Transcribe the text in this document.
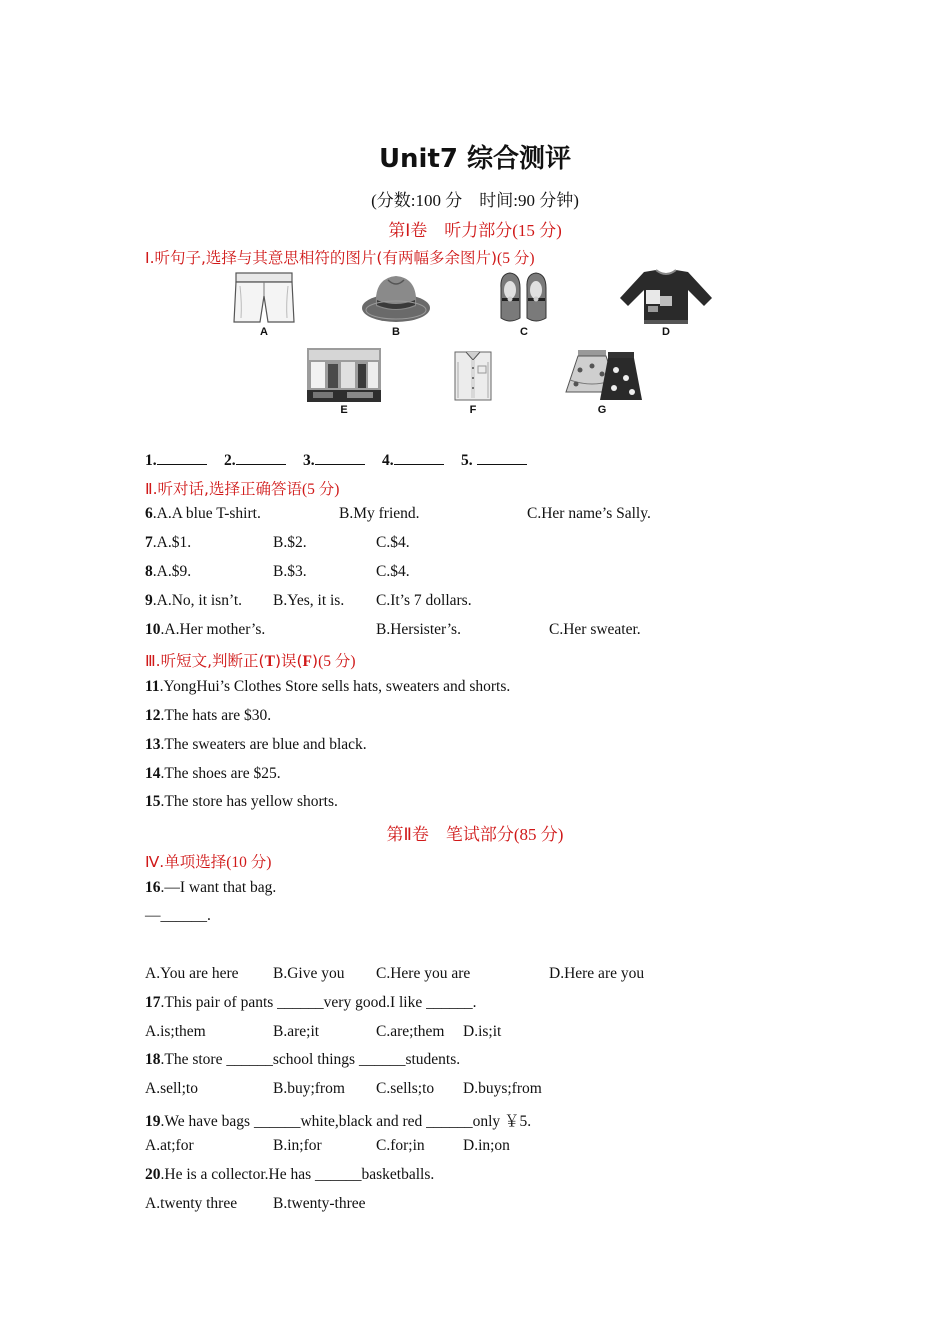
Unit7 综合测评
(分数:100 分　时间:90 分钟)
第Ⅰ卷　听力部分(15 分)
Ⅰ.听句子,选择与其意思相符的图片(有两幅多余图片)(5 分)
A	B	C	D
E	F	G
1.	2.	3.	4.	5.
Ⅱ.听对话,选择正确答语(5 分)
6.A.A blue T-shirt.	B.My friend.	C.Her name’s Sally.
7.A.$1.	B.$2.	C.$4.
8.A.$9.	B.$3.	C.$4.
9.A.No, it isn’t. B.Yes, it is. C.It’s 7 dollars.
10.A.Her mother’s.	B.Hersister’s.	C.Her sweater.
Ⅲ.听短文,判断正(T)误(F)(5 分)
11.YongHui’s Clothes Store sells hats, sweaters and shorts.
12.The hats are $30.
13.The sweaters are blue and black.
14.The shoes are $25.
15.The store has yellow shorts.
第Ⅱ卷　笔试部分(85 分)
Ⅳ.单项选择(10 分)
16.—I want that bag.
—______.
A.You are here B.Give you C.Here you are	D.Here are you
17.This pair of pants ______very good.I like ______.
A.is;them	B.are;it	C.are;them D.is;it
18.The store ______school things ______students.
A.sell;to	B.buy;from C.sells;to D.buys;from
19.We have bags ______white,black and red ______only ￥5.
A.at;for	B.in;for	C.for;in D.in;on
20.He is a collector.He has ______basketballs.
A.twenty three B.twenty-three
